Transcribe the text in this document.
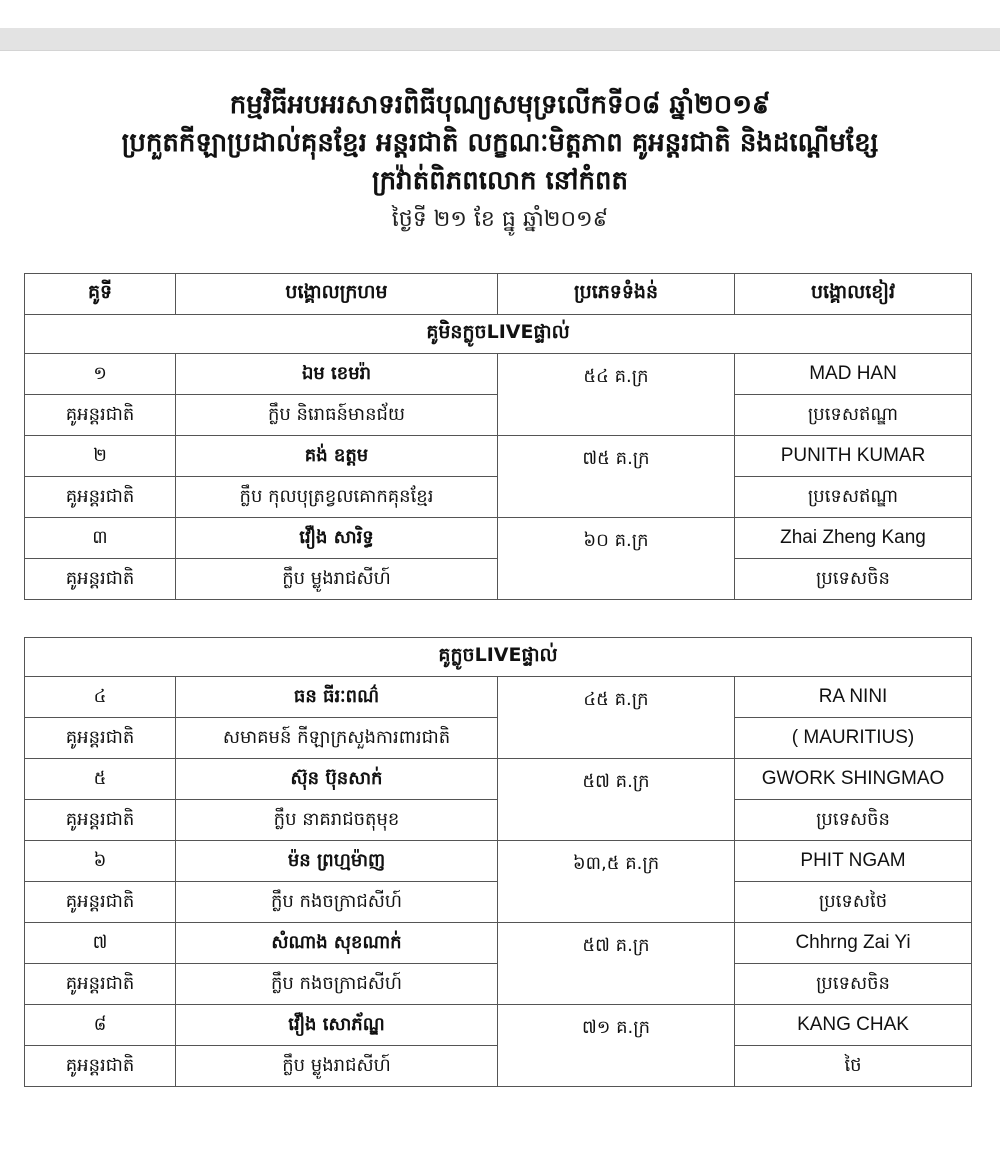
កម្មវិធីអបអរសាទរពិធីបុណ្យសមុទ្រលើកទី០៨ ឆ្នាំ២០១៩
ប្រកួតកីឡាប្រដាល់គុនខ្មែរ អន្តរជាតិ លក្ខណៈមិត្តភាព គូអន្តរជាតិ និងដណ្តើមខ្សែ
ក្រវ៉ាត់ពិភពលោក នៅកំពត
ថ្ងៃទី ២១ ខែ ធ្នូ ឆ្នាំ២០១៩
គូទី	បង្គោលក្រហម	ប្រភេទទំងន់	បង្គោលខៀវ
គូមិនក្លូចLIVEផ្ទាល់			
១	ឯម ខេមរ៉ា	៥៤ គ.ក្រ	MAD HAN
គូអន្តរជាតិ	ក្លឹប និរោធន៍មានជ័យ		ប្រទេសឥណ្ឌា
២	គង់ ឧត្តម	៧៥ គ.ក្រ	PUNITH KUMAR
គូអន្តរជាតិ	ក្លឹប កុលបុត្រខ្វលគោកគុនខ្មែរ		ប្រទេសឥណ្ឌា
៣	វឿង សារិទ្ធ	៦០ គ.ក្រ	Zhai Zheng Kang
គូអន្តរជាតិ	ក្លឹប ម្លូងរាជសីហ៍		ប្រទេសចិន
គូក្លូចLIVEផ្ទាល់			
៤	ធន ធីរៈពណ៌	៤៥ គ.ក្រ	RA NINI
គូអន្តរជាតិ	សមាគមន៍ កីឡាក្រសួងការពារជាតិ		( MAURITIUS)
៥	ស៊ុន ប៊ុនសាក់	៥៧ គ.ក្រ	GWORK SHINGMAO
គូអន្តរជាតិ	ក្លឹប នាគរាជចតុមុខ		ប្រទេសចិន
៦	ម៉ន ព្រហ្មម៉ាញ	៦៣,៥ គ.ក្រ	PHIT NGAM
គូអន្តរជាតិ	ក្លឹប កងចក្រាជសីហ៍		ប្រទេសថៃ
៧	សំណាង សុខណាក់	៥៧ គ.ក្រ	Chhrng Zai Yi
គូអន្តរជាតិ	ក្លឹប កងចក្រាជសីហ៍		ប្រទេសចិន
៨	វឿង សោភ័ណ្ឌ	៧១ គ.ក្រ	KANG CHAK
គូអន្តរជាតិ	ក្លឹប ម្លូងរាជសីហ៍		ថៃ
